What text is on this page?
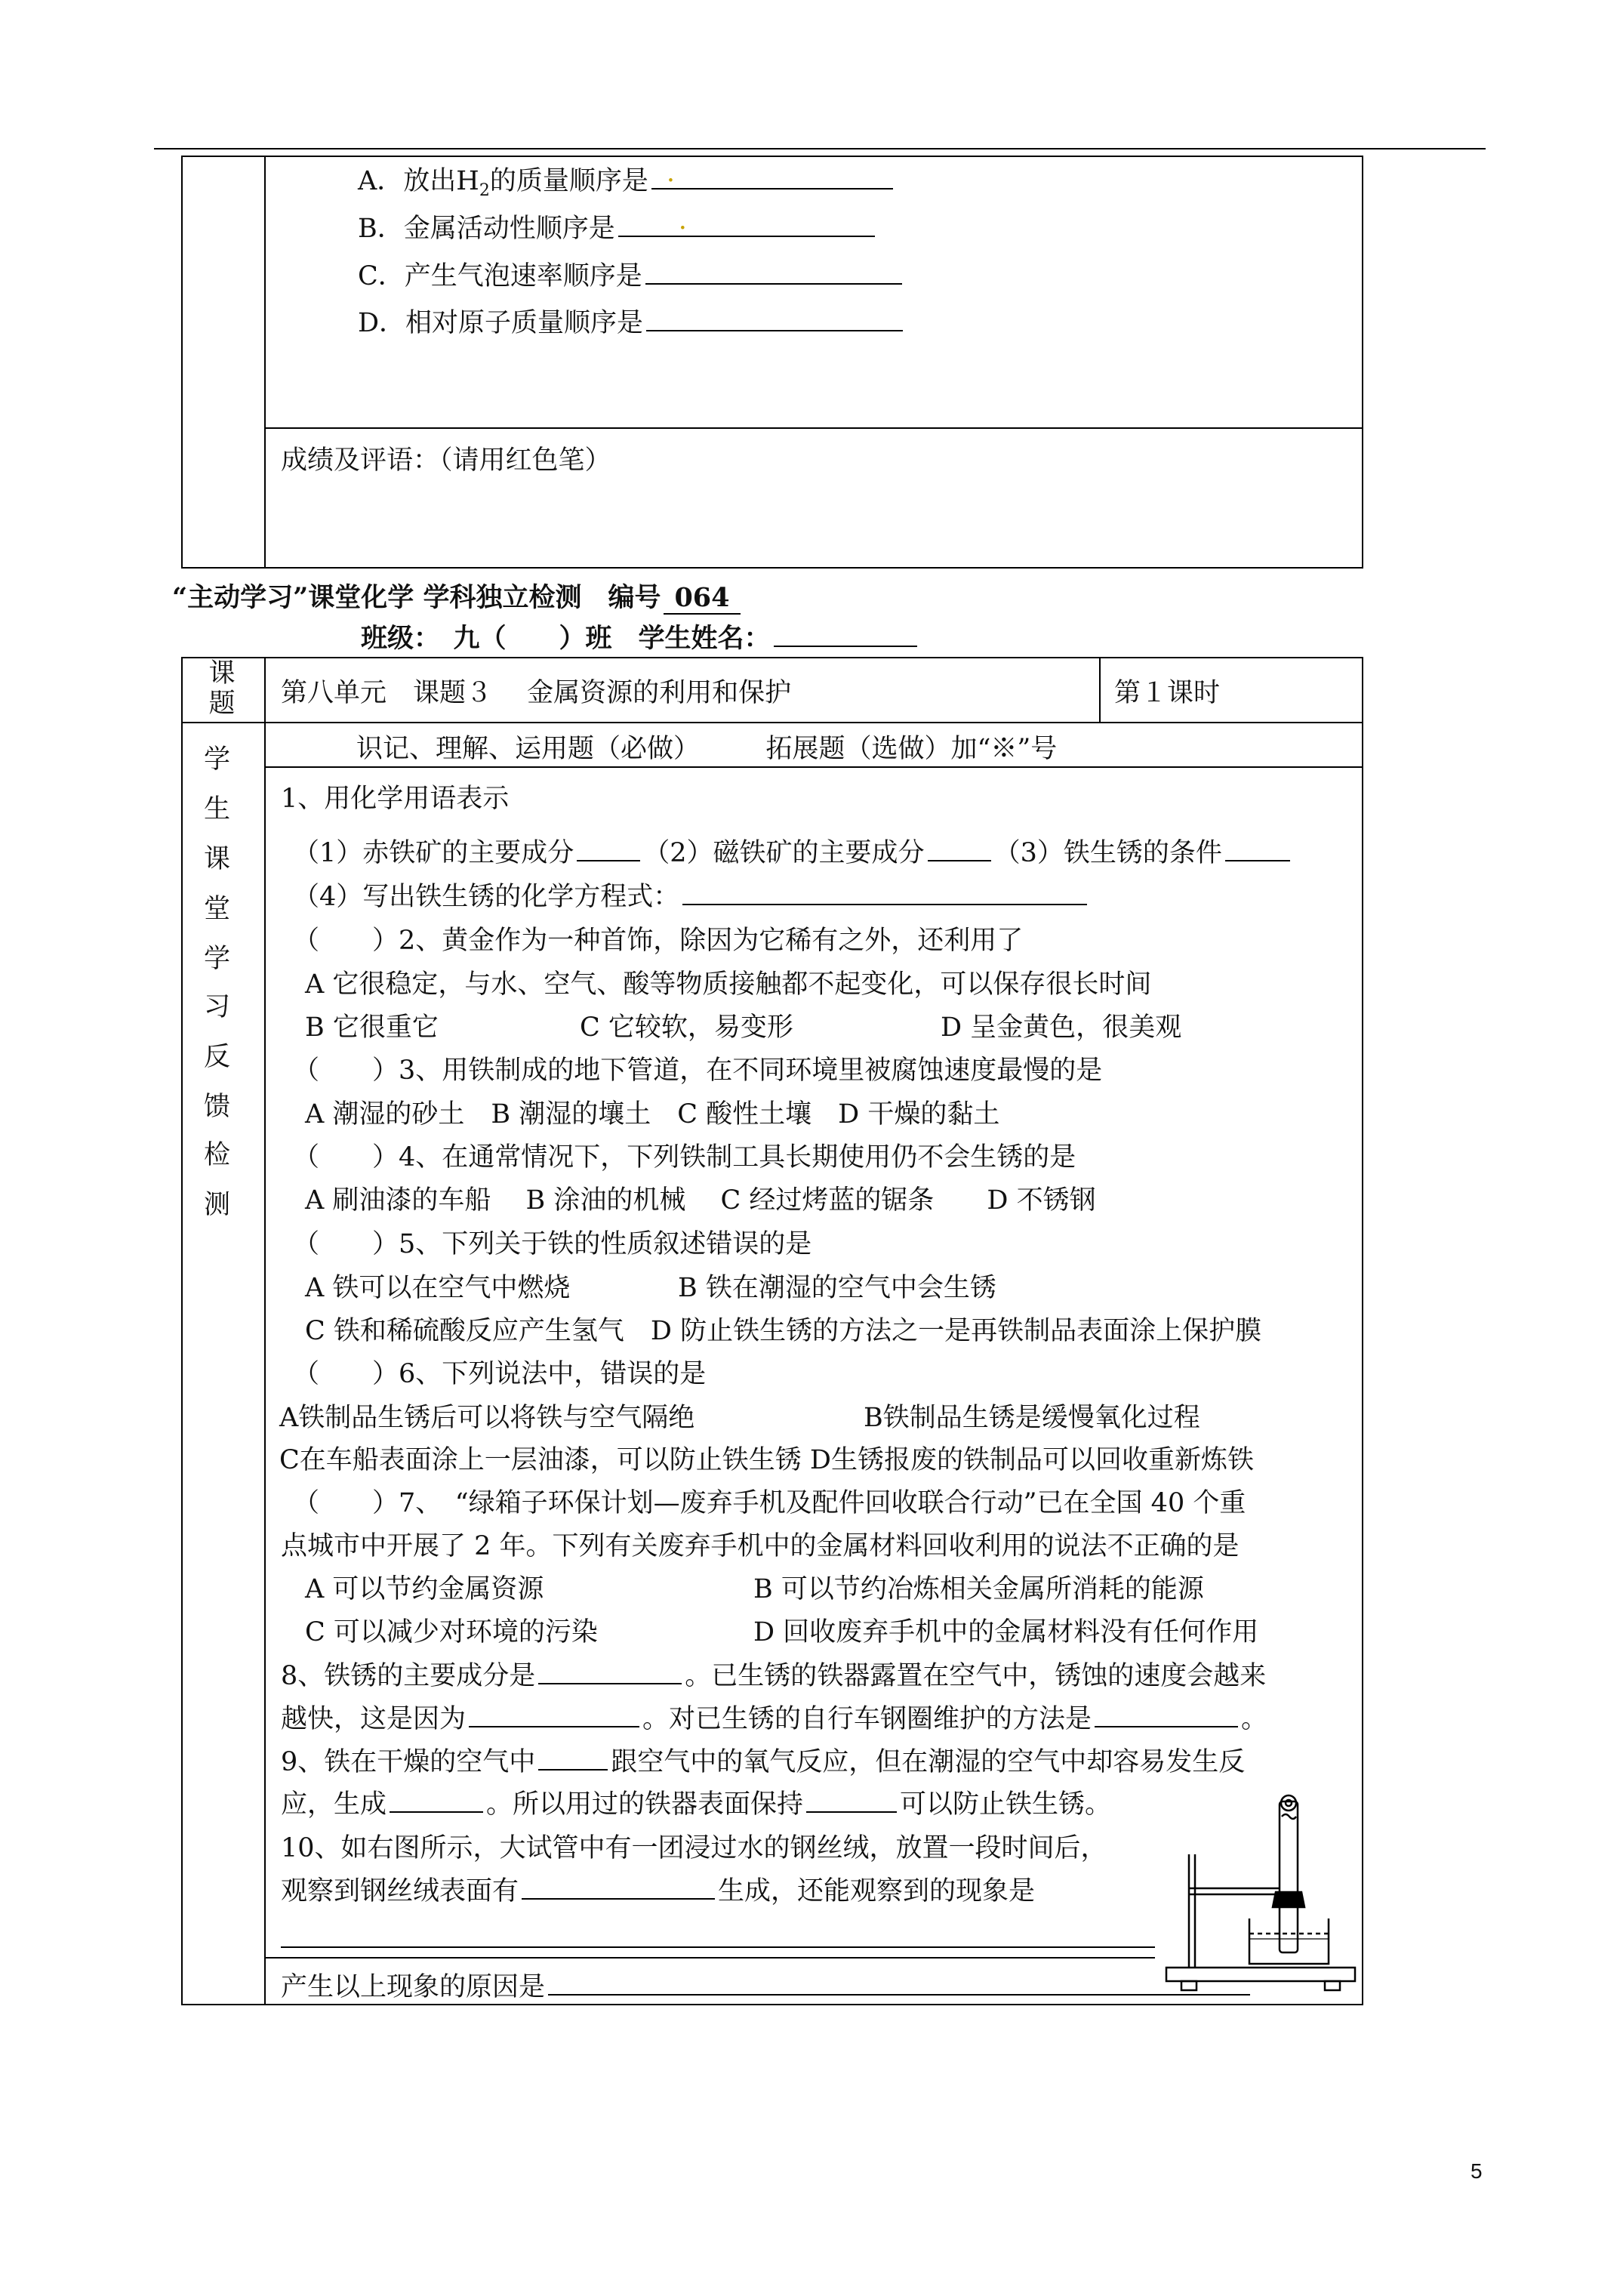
A．放出$H_2$的质量顺序是 .
B．金属活动性顺序是 .
C．产生气泡速率顺序是
D．相对原子质量顺序是
成绩及评语：（请用红色笔）
“主动学习”课堂化学 学科独立检测　编号 064
班级：　九（　　）班　学生姓名：
课
题	第八单元　课题３　 金属资源的利用和保护	第１课时
识记、理解、运用题（必做）　　　拓展题（选做）加“※”号
学
生
课
堂
学
习
反
馈
检
测
1、用化学用语表示
（1）赤铁矿的主要成分	（2）磁铁矿的主要成分	（3）铁生锈的条件
（4）写出铁生锈的化学方程式：
（　　）2、黄金作为一种首饰，除因为它稀有之外，还利用了
A 它很稳定，与水、空气、酸等物质接触都不起变化，可以保存很长时间
B 它很重它	C 它较软，易变形	D 呈金黄色，很美观
（　　）3、用铁制成的地下管道，在不同环境里被腐蚀速度最慢的是
A 潮湿的砂土　B 潮湿的壤土　C 酸性土壤　D 干燥的黏土
（　　）4、在通常情况下，下列铁制工具长期使用仍不会生锈的是
A 刷油漆的车船　 B 涂油的机械　 C 经过烤蓝的锯条　　D 不锈钢
（　　）5、下列关于铁的性质叙述错误的是
A 铁可以在空气中燃烧	B 铁在潮湿的空气中会生锈
C 铁和稀硫酸反应产生氢气　D 防止铁生锈的方法之一是再铁制品表面涂上保护膜
（　　）6、下列说法中，错误的是
A铁制品生锈后可以将铁与空气隔绝	B铁制品生锈是缓慢氧化过程
C在车船表面涂上一层油漆，可以防止铁生锈 D生锈报废的铁制品可以回收重新炼铁
（　　）7、　“绿箱子环保计划—废弃手机及配件回收联合行动”已在全国 40 个重
点城市中开展了 2 年。下列有关废弃手机中的金属材料回收利用的说法不正确的是
A 可以节约金属资源	B 可以节约冶炼相关金属所消耗的能源
C 可以减少对环境的污染	D 回收废弃手机中的金属材料没有任何作用
8、铁锈的主要成分是	。已生锈的铁器露置在空气中，锈蚀的速度会越来
越快，这是因为	。对已生锈的自行车钢圈维护的方法是	。
9、铁在干燥的空气中	跟空气中的氧气反应，但在潮湿的空气中却容易发生反
应，生成	。所以用过的铁器表面保持	可以防止铁生锈。
10、如右图所示，大试管中有一团浸过水的钢丝绒，放置一段时间后，
观察到钢丝绒表面有	生成，还能观察到的现象是
产生以上现象的原因是
5
